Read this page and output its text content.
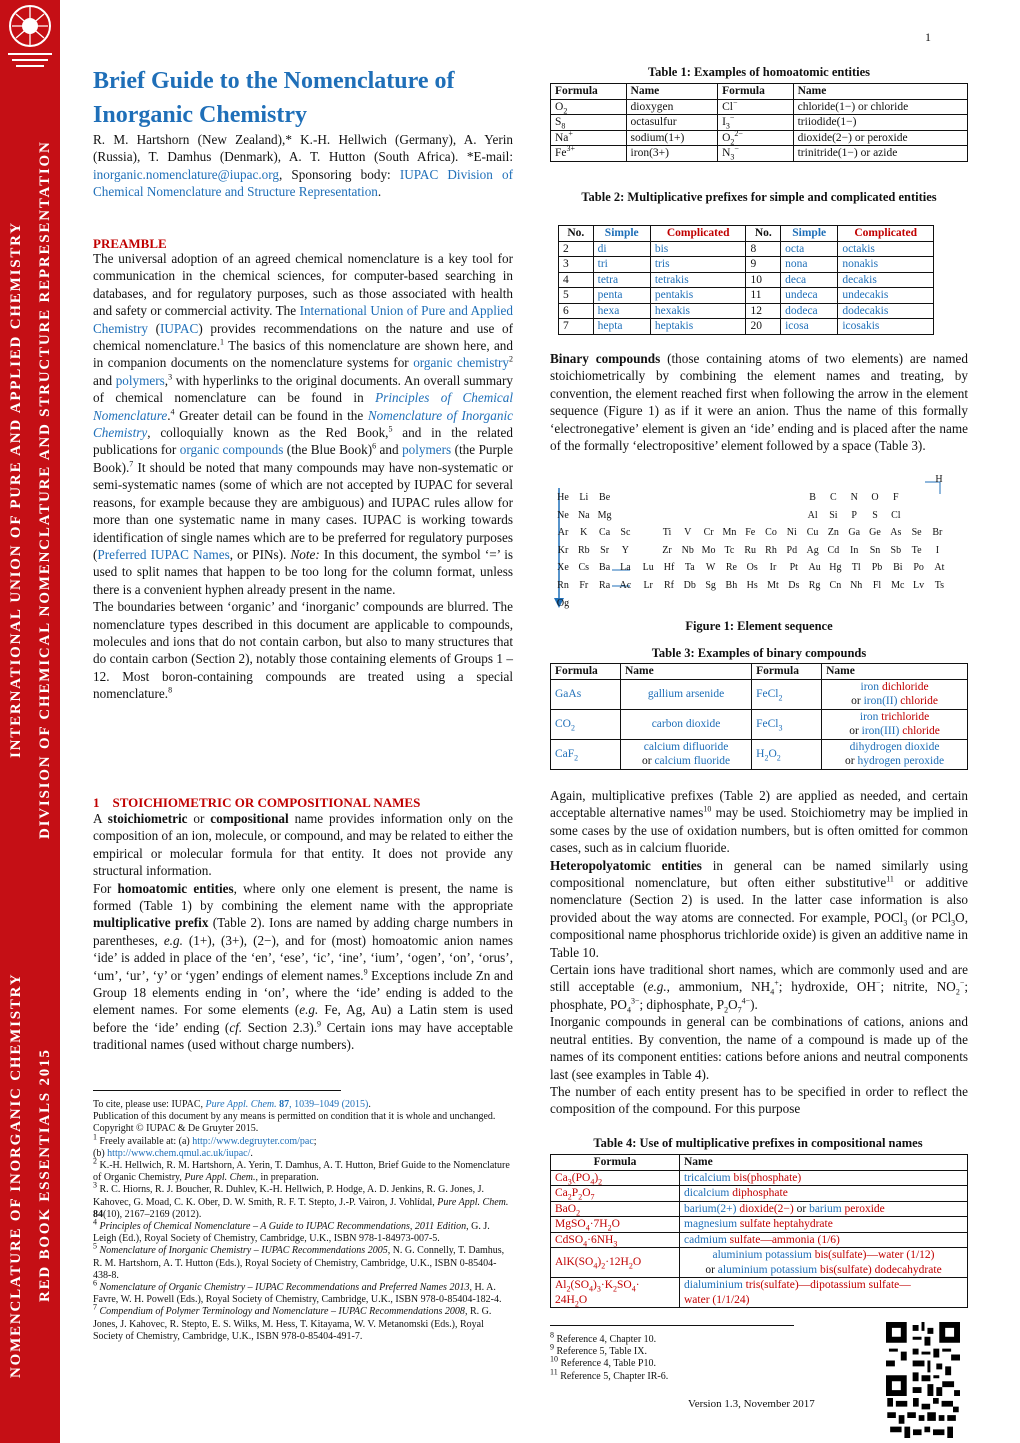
DIVISION OF CHEMICAL NOMENCLATURE AND STRUCTURE REPRESENTATION
INTERNATIONAL UNION OF PURE AND APPLIED CHEMISTRY
RED BOOK ESSENTIALS 2015
NOMENCLATURE OF INORGANIC CHEMISTRY
1
Brief Guide to the Nomenclature of
Inorganic Chemistry
R. M. Hartshorn (New Zealand),* K.-H. Hellwich (Germany), A. Yerin (Russia), T. Damhus (Denmark), A. T. Hutton (South Africa). *E-mail: inorganic.nomenclature@iupac.org, Sponsoring body: IUPAC Division of Chemical Nomenclature and Structure Representation.
PREAMBLE

The universal adoption of an agreed chemical nomenclature is a key tool for communication in the chemical sciences, for computer-based searching in databases, and for regulatory purposes, such as those associated with health and safety or commercial activity. The International Union of Pure and Applied Chemistry (IUPAC) provides recommendations on the nature and use of chemical nomenclature.$^1$ The basics of this nomenclature are shown here, and in companion documents on the nomenclature systems for organic chemistry$^2$ and polymers,$^3$ with hyperlinks to the original documents. An overall summary of chemical nomenclature can be found in Principles of Chemical Nomenclature.$^4$ Greater detail can be found in the Nomenclature of Inorganic Chemistry, colloquially known as the Red Book,$^5$ and in the related publications for organic compounds (the Blue Book)$^6$ and polymers (the Purple Book).$^7$ It should be noted that many compounds may have non-systematic or semi-systematic names (some of which are not accepted by IUPAC for several reasons, for example because they are ambiguous) and IUPAC rules allow for more than one systematic name in many cases. IUPAC is working towards identification of single names which are to be preferred for regulatory purposes (Preferred IUPAC Names, or PINs). Note: In this document, the symbol ‘=’ is used to split names that happen to be too long for the column format, unless there is a convenient hyphen already present in the name.

The boundaries between ‘organic’ and ‘inorganic’ compounds are blurred. The nomenclature types described in this document are applicable to compounds, molecules and ions that do not contain carbon, but also to many structures that do contain carbon (Section 2), notably those containing elements of Groups 1 – 12. Most boron-containing compounds are treated using a special nomenclature.$^8$

1    STOICHIOMETRIC OR COMPOSITIONAL NAMES

A stoichiometric or compositional name provides information only on the composition of an ion, molecule, or compound, and may be related to either the empirical or molecular formula for that entity. It does not provide any structural information.

For homoatomic entities, where only one element is present, the name is formed (Table 1) by combining the element name with the appropriate multiplicative prefix (Table 2). Ions are named by adding charge numbers in parentheses, e.g. (1+), (3+), (2−), and for (most) homoatomic anion names ‘ide’ is added in place of the ‘en’, ‘ese’, ‘ic’, ‘ine’, ‘ium’, ‘ogen’, ‘on’, ‘orus’, ‘um’, ‘ur’, ‘y’ or ‘ygen’ endings of element names.$^9$ Exceptions include Zn and Group 18 elements ending in ‘on’, where the ‘ide’ ending is added to the element names. For some elements (e.g. Fe, Ag, Au) a Latin stem is used before the ‘ide’ ending (cf. Section 2.3).$^9$ Certain ions may have acceptable traditional names (used without charge numbers).

To cite, please use: IUPAC, Pure Appl. Chem. 87, 1039–1049 (2015).
Publication of this document by any means is permitted on condition that it is whole and unchanged. Copyright © IUPAC & De Gruyter 2015.
$^1$ Freely available at: (a) http://www.degruyter.com/pac;
(b) http://www.chem.qmul.ac.uk/iupac/.
$^2$ K.-H. Hellwich, R. M. Hartshorn, A. Yerin, T. Damhus, A. T. Hutton, Brief Guide to the Nomenclature of Organic Chemistry, Pure Appl. Chem., in preparation.
$^3$ R. C. Hiorns, R. J. Boucher, R. Duhlev, K.-H. Hellwich, P. Hodge, A. D. Jenkins, R. G. Jones, J. Kahovec, G. Moad, C. K. Ober, D. W. Smith, R. F. T. Stepto, J.-P. Vairon, J. Vohlídal, Pure Appl. Chem. 84(10), 2167–2169 (2012).
$^4$ Principles of Chemical Nomenclature – A Guide to IUPAC Recommendations, 2011 Edition, G. J. Leigh (Ed.), Royal Society of Chemistry, Cambridge, U.K., ISBN 978-1-84973-007-5.
$^5$ Nomenclature of Inorganic Chemistry – IUPAC Recommendations 2005, N. G. Connelly, T. Damhus, R. M. Hartshorn, A. T. Hutton (Eds.), Royal Society of Chemistry, Cambridge, U.K., ISBN 0-85404-438-8.
$^6$ Nomenclature of Organic Chemistry – IUPAC Recommendations and Preferred Names 2013, H. A. Favre, W. H. Powell (Eds.), Royal Society of Chemistry, Cambridge, U.K., ISBN 978-0-85404-182-4.
$^7$ Compendium of Polymer Terminology and Nomenclature – IUPAC Recommendations 2008, R. G. Jones, J. Kahovec, R. Stepto, E. S. Wilks, M. Hess, T. Kitayama, W. V. Metanomski (Eds.), Royal Society of Chemistry, Cambridge, U.K., ISBN 978-0-85404-491-7.
Table 1: Examples of homoatomic entities
Formula	Name	Formula	Name
$O_2$	dioxygen	Cl−	chloride(1−) or chloride
$S_8$	octasulfur	$I_3^-$	triiodide(1−)
Na+	sodium(1+)	$O_2^{2-}$	dioxide(2−) or peroxide
$Fe^{3+}$	iron(3+)	$N_3^-$	trinitride(1−) or azide
Table 2: Multiplicative prefixes for simple and complicated entities
No.	Simple	Complicated	No.	Simple	Complicated
2	di	bis	8	octa	octakis
3	tri	tris	9	nona	nonakis
4	tetra	tetrakis	10	deca	decakis
5	penta	pentakis	11	undeca	undecakis
6	hexa	hexakis	12	dodeca	dodecakis
7	hepta	heptakis	20	icosa	icosakis

Binary compounds (those containing atoms of two elements) are named stoichiometrically by combining the element names and treating, by convention, the element reached first when following the arrow in the element sequence (Figure 1) as if it were an anion. Thus the name of this formally ‘electronegative’ element is given an ‘ide’ ending and is placed after the name of the formally ‘electropositive’ element followed by a space (Table 3).

H
He	Li	Be	B	C	N	O	F
Ne Na Mg	Al	Si	P	S	Cl
Ar	K	Ca	Sc	Ti	V	Cr Mn Fe Co Ni Cu Zn Ga Ge As	Se	Br
Kr Rb	Sr	Y	Zr Nb Mo Tc	Ru Rh Pd Ag Cd	In	Sn	Sb	Te	I
Xe Cs Ba La	Lu Hf	Ta	W	Re Os	Ir	Pt	Au Hg	Tl	Pb	Bi	Po	At
Rn	Fr	Ra Ac	Lr	Rf Db Sg Bh Hs Mt Ds Rg Cn Nh	Fl Mc Lv	Ts
Og
Figure 1: Element sequence
Table 3: Examples of binary compounds
Formula	Name	Formula	Name
GaAs	gallium arsenide	FeCl$_2$	iron dichloride
or iron(II) chloride
$CO_2$	carbon dioxide	FeCl$_3$	iron trichloride
or iron(III) chloride
CaF$_2$	calcium difluoride
or calcium fluoride	$H_2O_2$	dihydrogen dioxide
or hydrogen peroxide

Again, multiplicative prefixes (Table 2) are applied as needed, and certain acceptable alternative names$^{10}$ may be used. Stoichiometry may be implied in some cases by the use of oxidation numbers, but is often omitted for common cases, such as in calcium fluoride.

Heteropolyatomic entities in general can be named similarly using compositional nomenclature, but often either substitutive$^{11}$ or additive nomenclature (Section 2) is used. In the latter case information is also provided about the way atoms are connected. For example, POCl$_3$ (or PCl$_3$O, compositional name phosphorus trichloride oxide) is given an additive name in Table 10.

Certain ions have traditional short names, which are commonly used and are still acceptable (e.g., ammonium, $NH_4^+$; hydroxide, OH−; nitrite, $NO_2^-$; phosphate, $PO_4^{3-}$; diphosphate, $P_2O_7^{4-}$).

Inorganic compounds in general can be combinations of cations, anions and neutral entities. By convention, the name of a compound is made up of the names of its component entities: cations before anions and neutral components last (see examples in Table 4).

The number of each entity present has to be specified in order to reflect the composition of the compound. For this purpose

Table 4: Use of multiplicative prefixes in compositional names
Formula	Name
$Ca_3(PO_4)_2$	tricalcium bis(phosphate)
$Ca_2P_2O_7$	dicalcium diphosphate
BaO$_2$	barium(2+) dioxide(2−) or barium peroxide
$MgSO_4\cdot 7H_2O$	magnesium sulfate heptahydrate
$CdSO_4\cdot 6NH_3$	cadmium sulfate—ammonia (1/6)
$AlK(SO_4)_2\cdot 12H_2O$	aluminium potassium bis(sulfate)—water (1/12)
or aluminium potassium bis(sulfate) dodecahydrate
$Al_2(SO_4)_3\cdot K_2SO_4\cdot$
$24H_2O$	dialuminium tris(sulfate)—dipotassium sulfate—
water (1/1/24)
$^8$ Reference 4, Chapter 10.
$^9$ Reference 5, Table IX.
$^{10}$ Reference 4, Table P10.
$^{11}$ Reference 5, Chapter IR-6.
Version 1.3, November 2017
